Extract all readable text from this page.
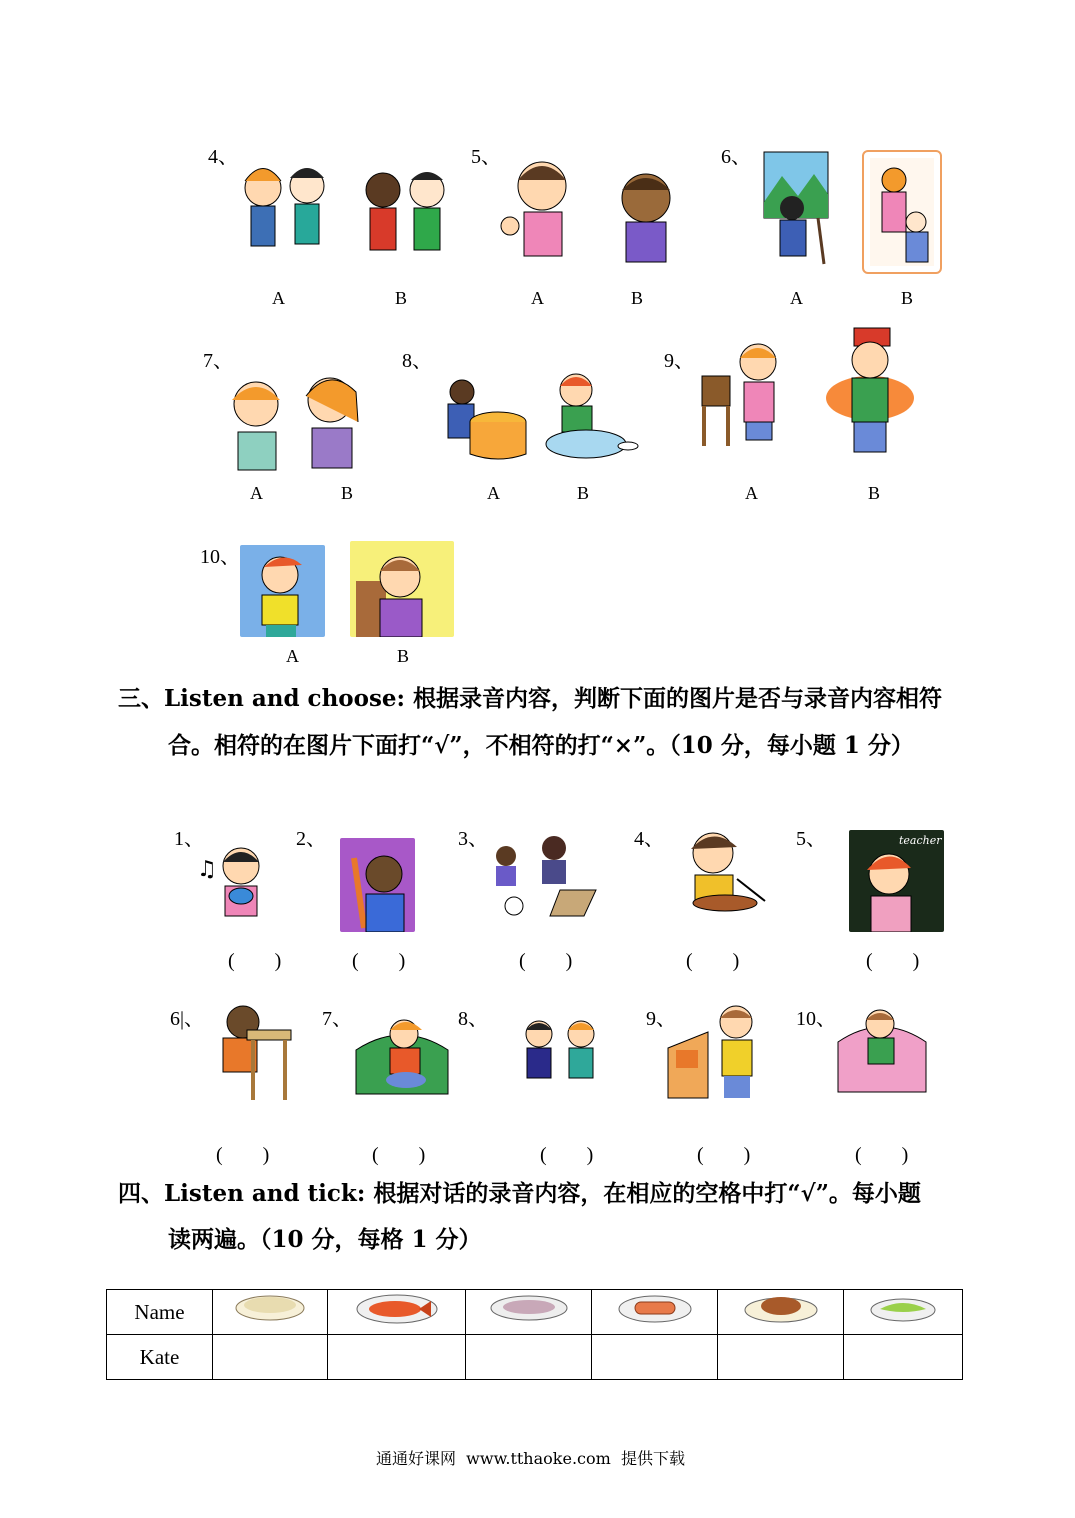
4、
A	B
5、
A	B
6、
A	B
7、
A	B
8、
A	B
9、
A	B
10、
A	B
三、Listen and choose: 根据录音内容，判断下面的图片是否与录音内容相符
合。相符的在图片下面打“√”，不相符的打“×”。（10 分，每小题 1 分）
1、
♫
(　　)
2、
(　　)
3、
(　　)
4、
(　　)
5、	teacher
(　　)
6|、
(　　)
7、
(　　)
8、
(　　)
9、
(　　)
10、
(　　)
四、Listen and tick: 根据对话的录音内容，在相应的空格中打“√”。每小题
读两遍。（10 分，每格 1 分）
Name						
Kate						
通通好课网  www.tthaoke.com  提供下载
